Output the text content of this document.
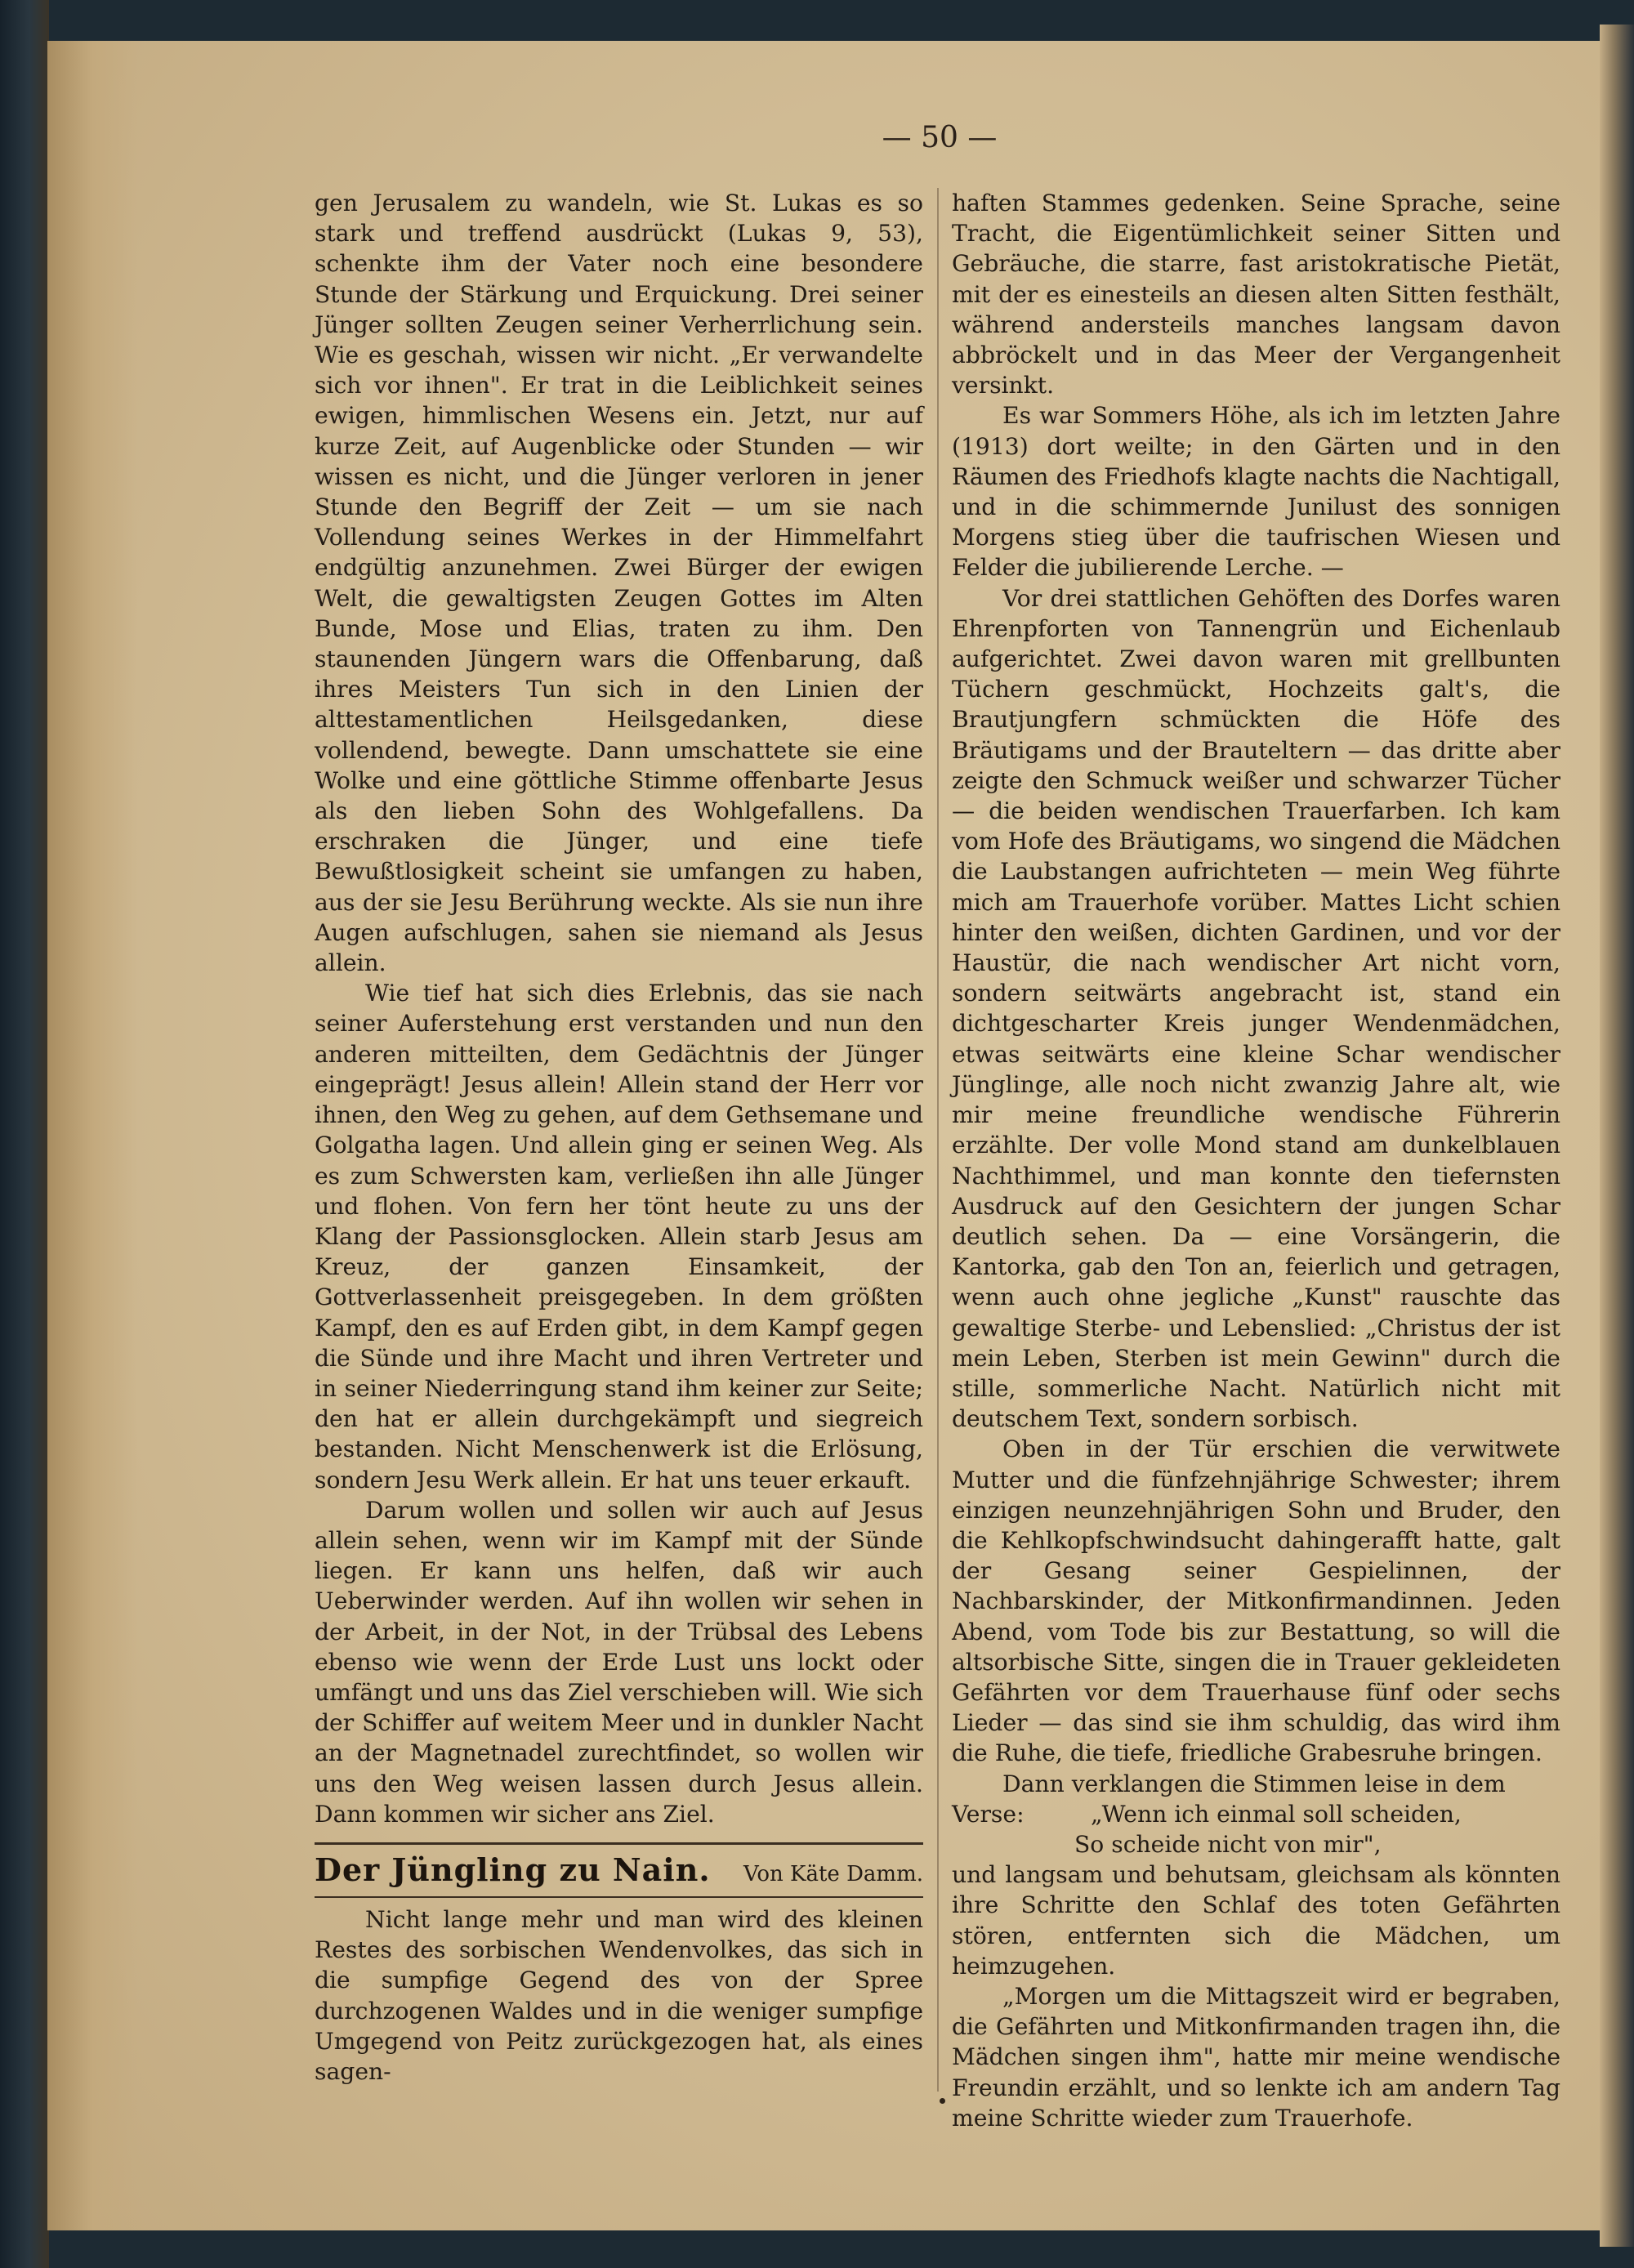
— 50 —

gen Jerusalem zu wandeln, wie St. Lukas es so stark und treffend ausdrückt (Lukas 9, 53), schenkte ihm der Vater noch eine besondere Stunde der Stärkung und Erquickung. Drei seiner Jünger sollten Zeugen seiner Verherrlichung sein. Wie es geschah, wissen wir nicht. „Er verwandelte sich vor ihnen". Er trat in die Leiblichkeit seines ewigen, himmlischen Wesens ein. Jetzt, nur auf kurze Zeit, auf Augenblicke oder Stunden — wir wissen es nicht, und die Jünger verloren in jener Stunde den Begriff der Zeit — um sie nach Vollendung seines Werkes in der Himmelfahrt endgültig anzunehmen. Zwei Bürger der ewigen Welt, die gewaltigsten Zeugen Gottes im Alten Bunde, Mose und Elias, traten zu ihm. Den staunenden Jüngern wars die Offenbarung, daß ihres Meisters Tun sich in den Linien der alttestamentlichen Heilsgedanken, diese vollendend, bewegte. Dann umschattete sie eine Wolke und eine göttliche Stimme offenbarte Jesus als den lieben Sohn des Wohlgefallens. Da erschraken die Jünger, und eine tiefe Bewußtlosigkeit scheint sie umfangen zu haben, aus der sie Jesu Berührung weckte. Als sie nun ihre Augen aufschlugen, sahen sie niemand als Jesus allein.

Wie tief hat sich dies Erlebnis, das sie nach seiner Auferstehung erst verstanden und nun den anderen mitteilten, dem Gedächtnis der Jünger eingeprägt! Jesus allein! Allein stand der Herr vor ihnen, den Weg zu gehen, auf dem Gethsemane und Golgatha lagen. Und allein ging er seinen Weg. Als es zum Schwersten kam, verließen ihn alle Jünger und flohen. Von fern her tönt heute zu uns der Klang der Passionsglocken. Allein starb Jesus am Kreuz, der ganzen Einsamkeit, der Gottverlassenheit preisgegeben. In dem größten Kampf, den es auf Erden gibt, in dem Kampf gegen die Sünde und ihre Macht und ihren Vertreter und in seiner Niederringung stand ihm keiner zur Seite; den hat er allein durchgekämpft und siegreich bestanden. Nicht Menschenwerk ist die Erlösung, sondern Jesu Werk allein. Er hat uns teuer erkauft.

Darum wollen und sollen wir auch auf Jesus allein sehen, wenn wir im Kampf mit der Sünde liegen. Er kann uns helfen, daß wir auch Ueberwinder werden. Auf ihn wollen wir sehen in der Arbeit, in der Not, in der Trübsal des Lebens ebenso wie wenn der Erde Lust uns lockt oder umfängt und uns das Ziel verschieben will. Wie sich der Schiffer auf weitem Meer und in dunkler Nacht an der Magnetnadel zurechtfindet, so wollen wir uns den Weg weisen lassen durch Jesus allein. Dann kommen wir sicher ans Ziel.

Der Jüngling zu Nain. Von Käte Damm.

Nicht lange mehr und man wird des kleinen Restes des sorbischen Wendenvolkes, das sich in die sumpfige Gegend des von der Spree durchzogenen Waldes und in die weniger sumpfige Umgegend von Peitz zurückgezogen hat, als eines sagen-

haften Stammes gedenken. Seine Sprache, seine Tracht, die Eigentümlichkeit seiner Sitten und Gebräuche, die starre, fast aristokratische Pietät, mit der es einesteils an diesen alten Sitten festhält, während andersteils manches langsam davon abbröckelt und in das Meer der Vergangenheit versinkt.

Es war Sommers Höhe, als ich im letzten Jahre (1913) dort weilte; in den Gärten und in den Räumen des Friedhofs klagte nachts die Nachtigall, und in die schimmernde Junilust des sonnigen Morgens stieg über die taufrischen Wiesen und Felder die jubilierende Lerche. —

Vor drei stattlichen Gehöften des Dorfes waren Ehrenpforten von Tannengrün und Eichenlaub aufgerichtet. Zwei davon waren mit grellbunten Tüchern geschmückt, Hochzeits galt's, die Brautjungfern schmückten die Höfe des Bräutigams und der Brauteltern — das dritte aber zeigte den Schmuck weißer und schwarzer Tücher — die beiden wendischen Trauerfarben. Ich kam vom Hofe des Bräutigams, wo singend die Mädchen die Laubstangen aufrichteten — mein Weg führte mich am Trauerhofe vorüber. Mattes Licht schien hinter den weißen, dichten Gardinen, und vor der Haustür, die nach wendischer Art nicht vorn, sondern seitwärts angebracht ist, stand ein dichtgescharter Kreis junger Wendenmädchen, etwas seitwärts eine kleine Schar wendischer Jünglinge, alle noch nicht zwanzig Jahre alt, wie mir meine freundliche wendische Führerin erzählte. Der volle Mond stand am dunkelblauen Nachthimmel, und man konnte den tiefernsten Ausdruck auf den Gesichtern der jungen Schar deutlich sehen. Da — eine Vorsängerin, die Kantorka, gab den Ton an, feierlich und getragen, wenn auch ohne jegliche „Kunst" rauschte das gewaltige Sterbe- und Lebenslied: „Christus der ist mein Leben, Sterben ist mein Gewinn" durch die stille, sommerliche Nacht. Natürlich nicht mit deutschem Text, sondern sorbisch.

Oben in der Tür erschien die verwitwete Mutter und die fünfzehnjährige Schwester; ihrem einzigen neunzehnjährigen Sohn und Bruder, den die Kehlkopfschwindsucht dahingerafft hatte, galt der Gesang seiner Gespielinnen, der Nachbarskinder, der Mitkonfirmandinnen. Jeden Abend, vom Tode bis zur Bestattung, so will die altsorbische Sitte, singen die in Trauer gekleideten Gefährten vor dem Trauerhause fünf oder sechs Lieder — das sind sie ihm schuldig, das wird ihm die Ruhe, die tiefe, friedliche Grabesruhe bringen.

Dann verklangen die Stimmen leise in dem

Verse:	„Wenn ich einmal soll scheiden,
So scheide nicht von mir",

und langsam und behutsam, gleichsam als könnten ihre Schritte den Schlaf des toten Gefährten stören, entfernten sich die Mädchen, um heimzugehen.

„Morgen um die Mittagszeit wird er begraben, die Gefährten und Mitkonfirmanden tragen ihn, die Mädchen singen ihm", hatte mir meine wendische Freundin erzählt, und so lenkte ich am andern Tag meine Schritte wieder zum Trauerhofe.
